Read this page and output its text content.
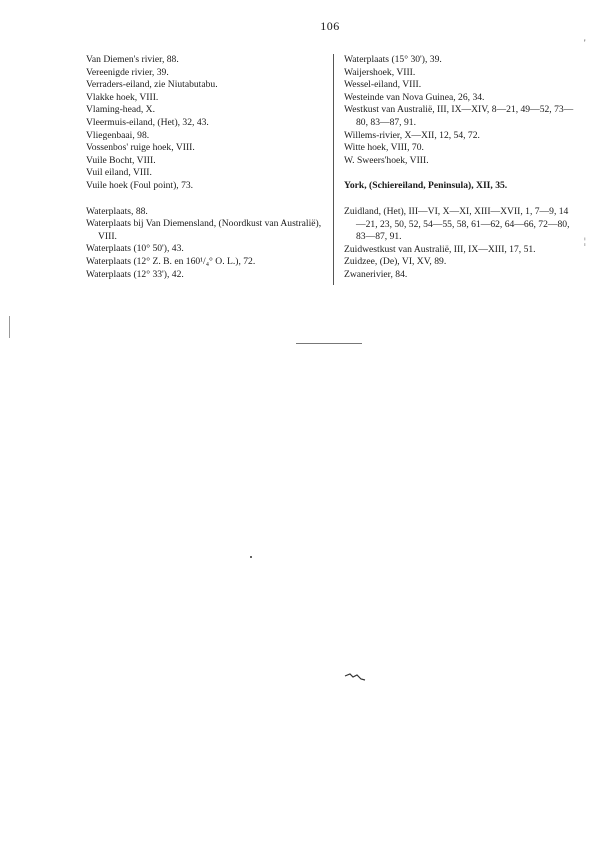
106

Van Diemen's rivier, 88.

Vereenigde rivier, 39.

Verraders-eiland, zie Niutabutabu.

Vlakke hoek, VIII.

Vlaming-head, X.

Vleermuis-eiland, (Het), 32, 43.

Vliegenbaai, 98.

Vossenbos' ruige hoek, VIII.

Vuile Bocht, VIII.

Vuil eiland, VIII.

Vuile hoek (Foul point), 73.

Waterplaats, 88.

Waterplaats bij Van Diemensland, (Noordkust van Australië), VIII.

Waterplaats (10° 50'), 43.

Waterplaats (12° Z. B. en 160¹/₄° O. L.), 72.

Waterplaats (12° 33'), 42.

Waterplaats (15° 30'), 39.

Waijershoek, VIII.

Wessel-eiland, VIII.

Westeinde van Nova Guinea, 26, 34.

Westkust van Australië, III, IX—XIV, 8—21, 49—52, 73—80, 83—87, 91.

Willems-rivier, X—XII, 12, 54, 72.

Witte hoek, VIII, 70.

W. Sweers'hoek, VIII.

York, (Schiereiland, Peninsula), XII, 35.

Zuidland, (Het), III—VI, X—XI, XIII—XVII, 1, 7—9, 14—21, 23, 50, 52, 54—55, 58, 61—62, 64—66, 72—80, 83—87, 91.

Zuidwestkust van Australië, III, IX—XIII, 17, 51.

Zuidzee, (De), VI, XV, 89.

Zwanerivier, 84.

'
¦
